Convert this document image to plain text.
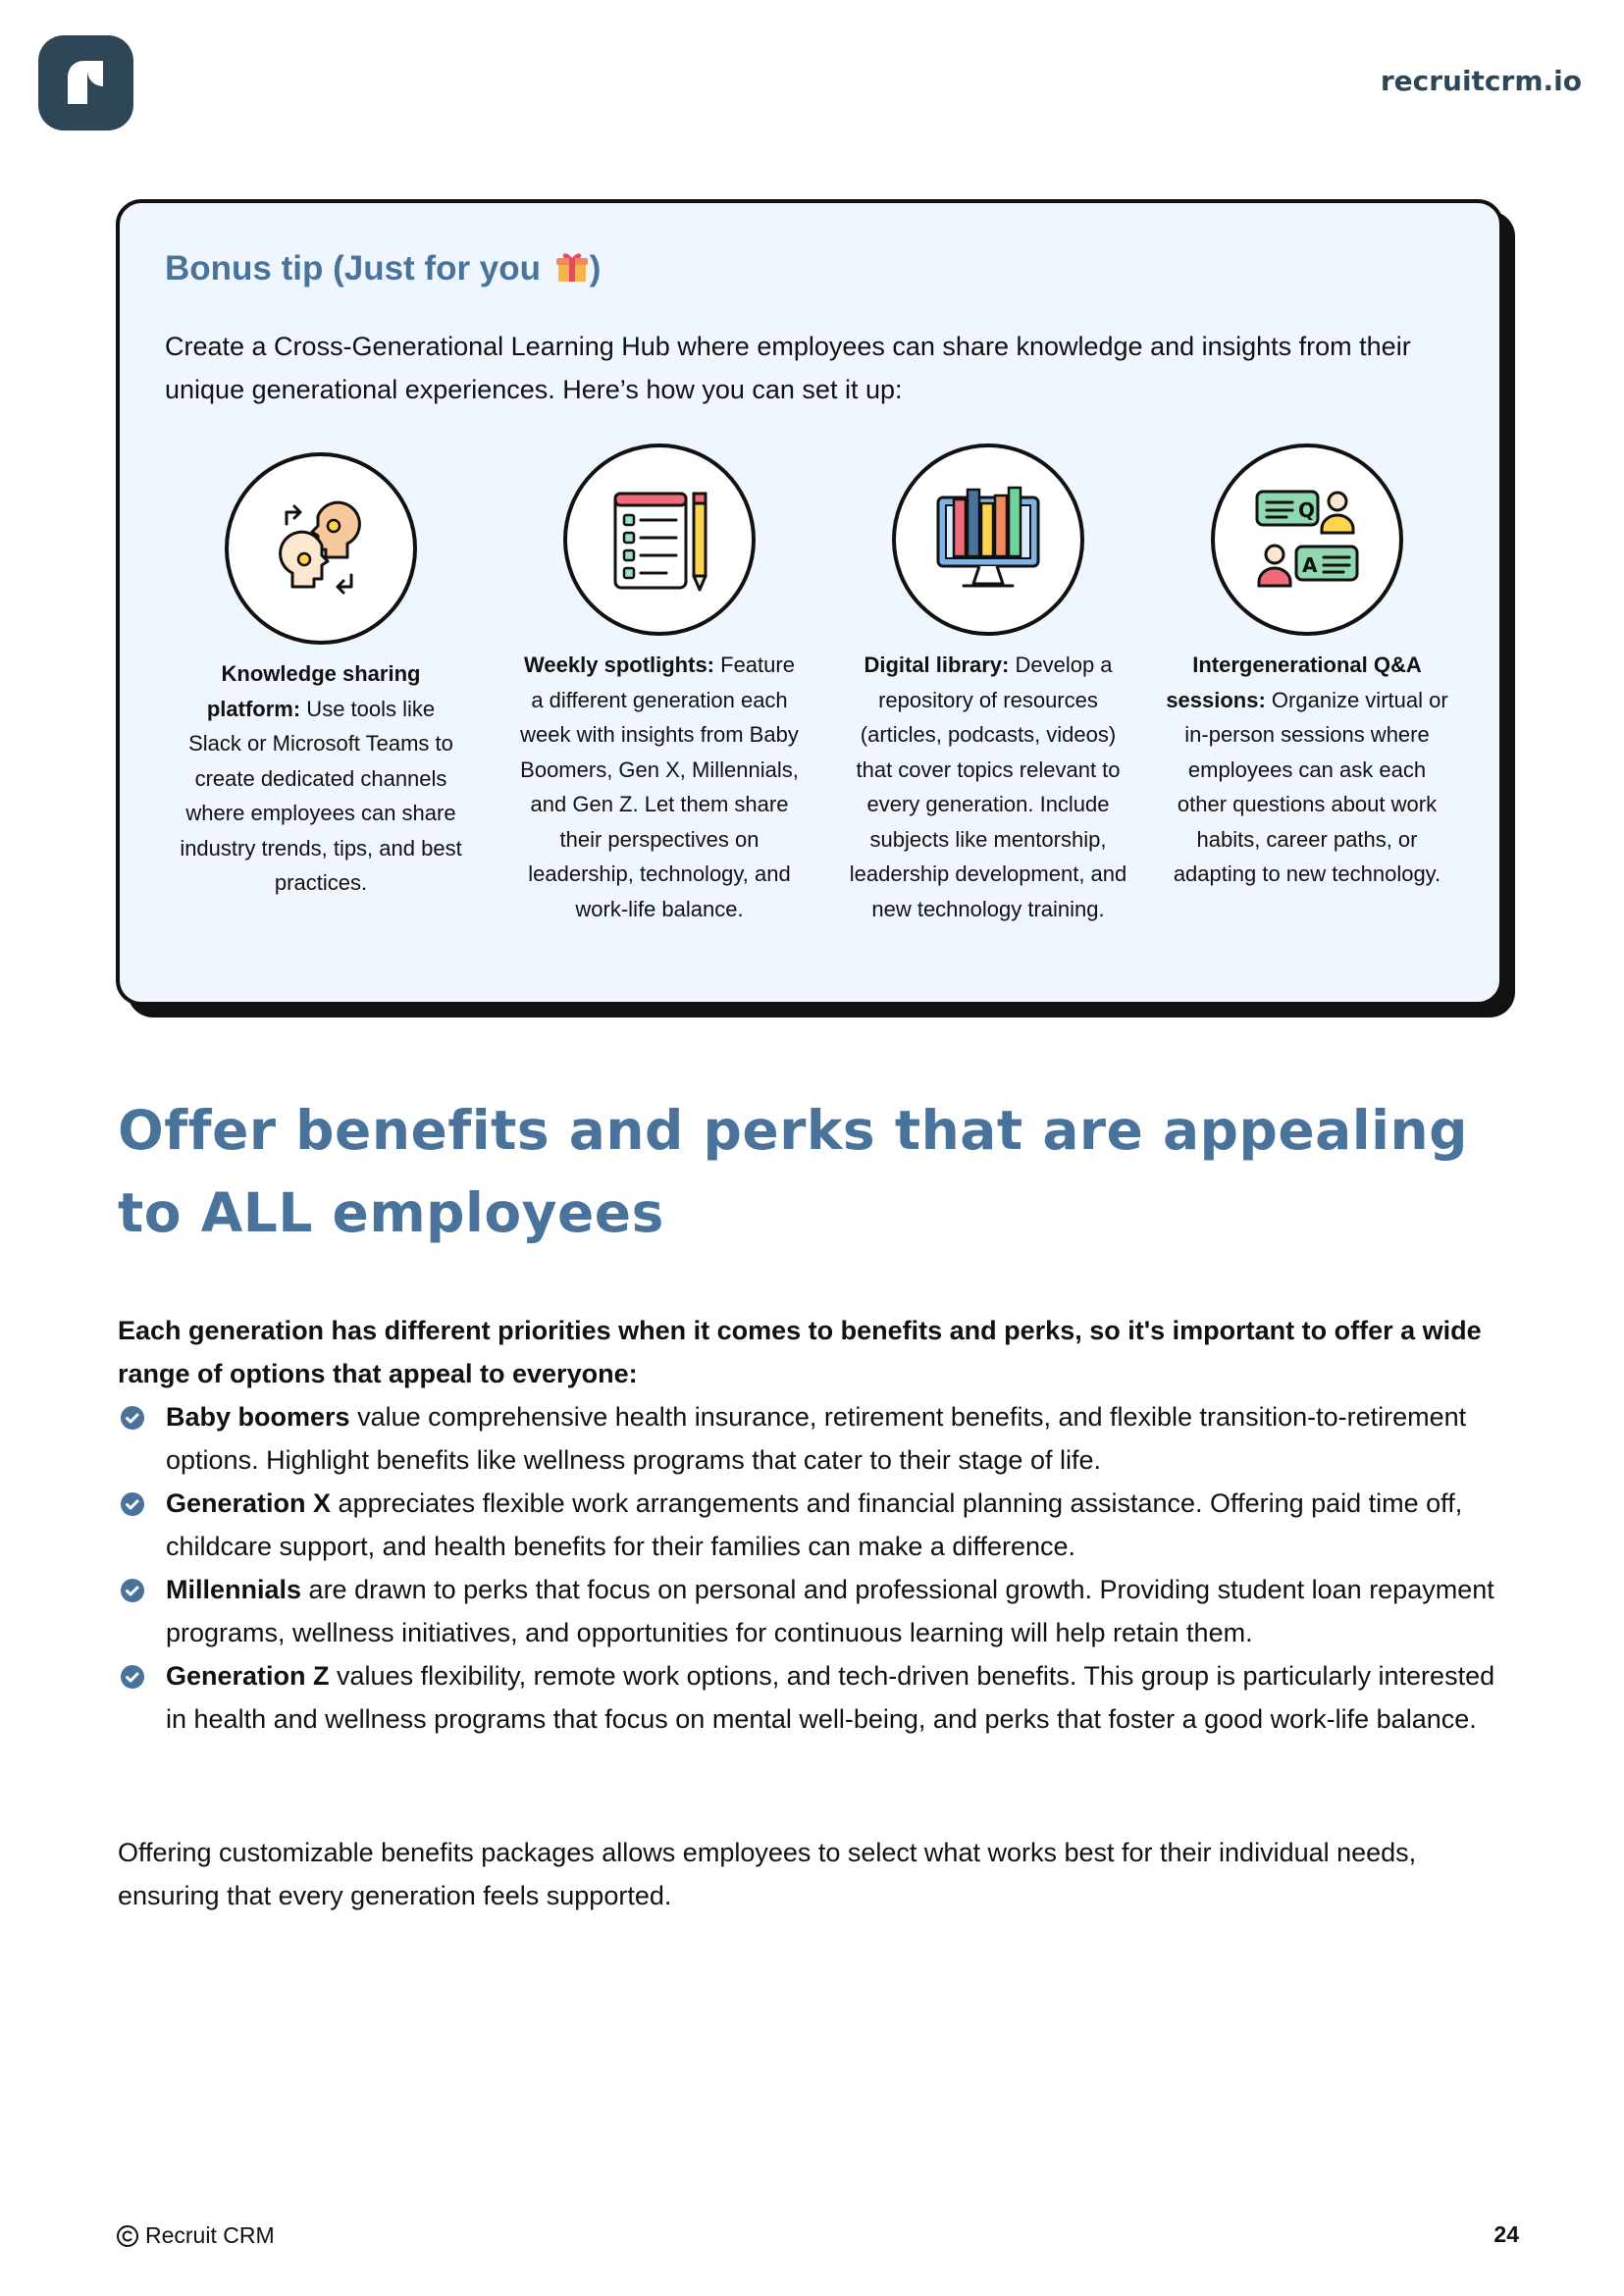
recruitcrm.io
Bonus tip (Just for you )

Create a Cross-Generational Learning Hub where employees can share knowledge and insights from their unique generational experiences. Here’s how you can set it up:

Knowledge sharing platform: Use tools like Slack or Microsoft Teams to create dedicated channels where employees can share industry trends, tips, and best practices.

Weekly spotlights: Feature a different generation each week with insights from Baby Boomers, Gen X, Millennials, and Gen Z. Let them share their perspectives on leadership, technology, and work-life balance.

Digital library: Develop a repository of resources (articles, podcasts, videos) that cover topics relevant to every generation. Include subjects like mentorship, leadership development, and new technology training.

Q
A

Intergenerational Q&A sessions: Organize virtual or in-person sessions where employees can ask each other questions about work habits, career paths, or adapting to new technology.

Offer benefits and perks that are appealing to ALL employees

Each generation has different priorities when it comes to benefits and perks, so it's important to offer a wide range of options that appeal to everyone:

Baby boomers value comprehensive health insurance, retirement benefits, and flexible transition-to-retirement options. Highlight benefits like wellness programs that cater to their stage of life.
Generation X appreciates flexible work arrangements and financial planning assistance. Offering paid time off, childcare support, and health benefits for their families can make a difference.
Millennials are drawn to perks that focus on personal and professional growth. Providing student loan repayment programs, wellness initiatives, and opportunities for continuous learning will help retain them.
Generation Z values flexibility, remote work options, and tech-driven benefits. This group is particularly interested in health and wellness programs that focus on mental well-being, and perks that foster a good work-life balance.

Offering customizable benefits packages allows employees to select what works best for their individual needs, ensuring that every generation feels supported.

Recruit CRM	24
